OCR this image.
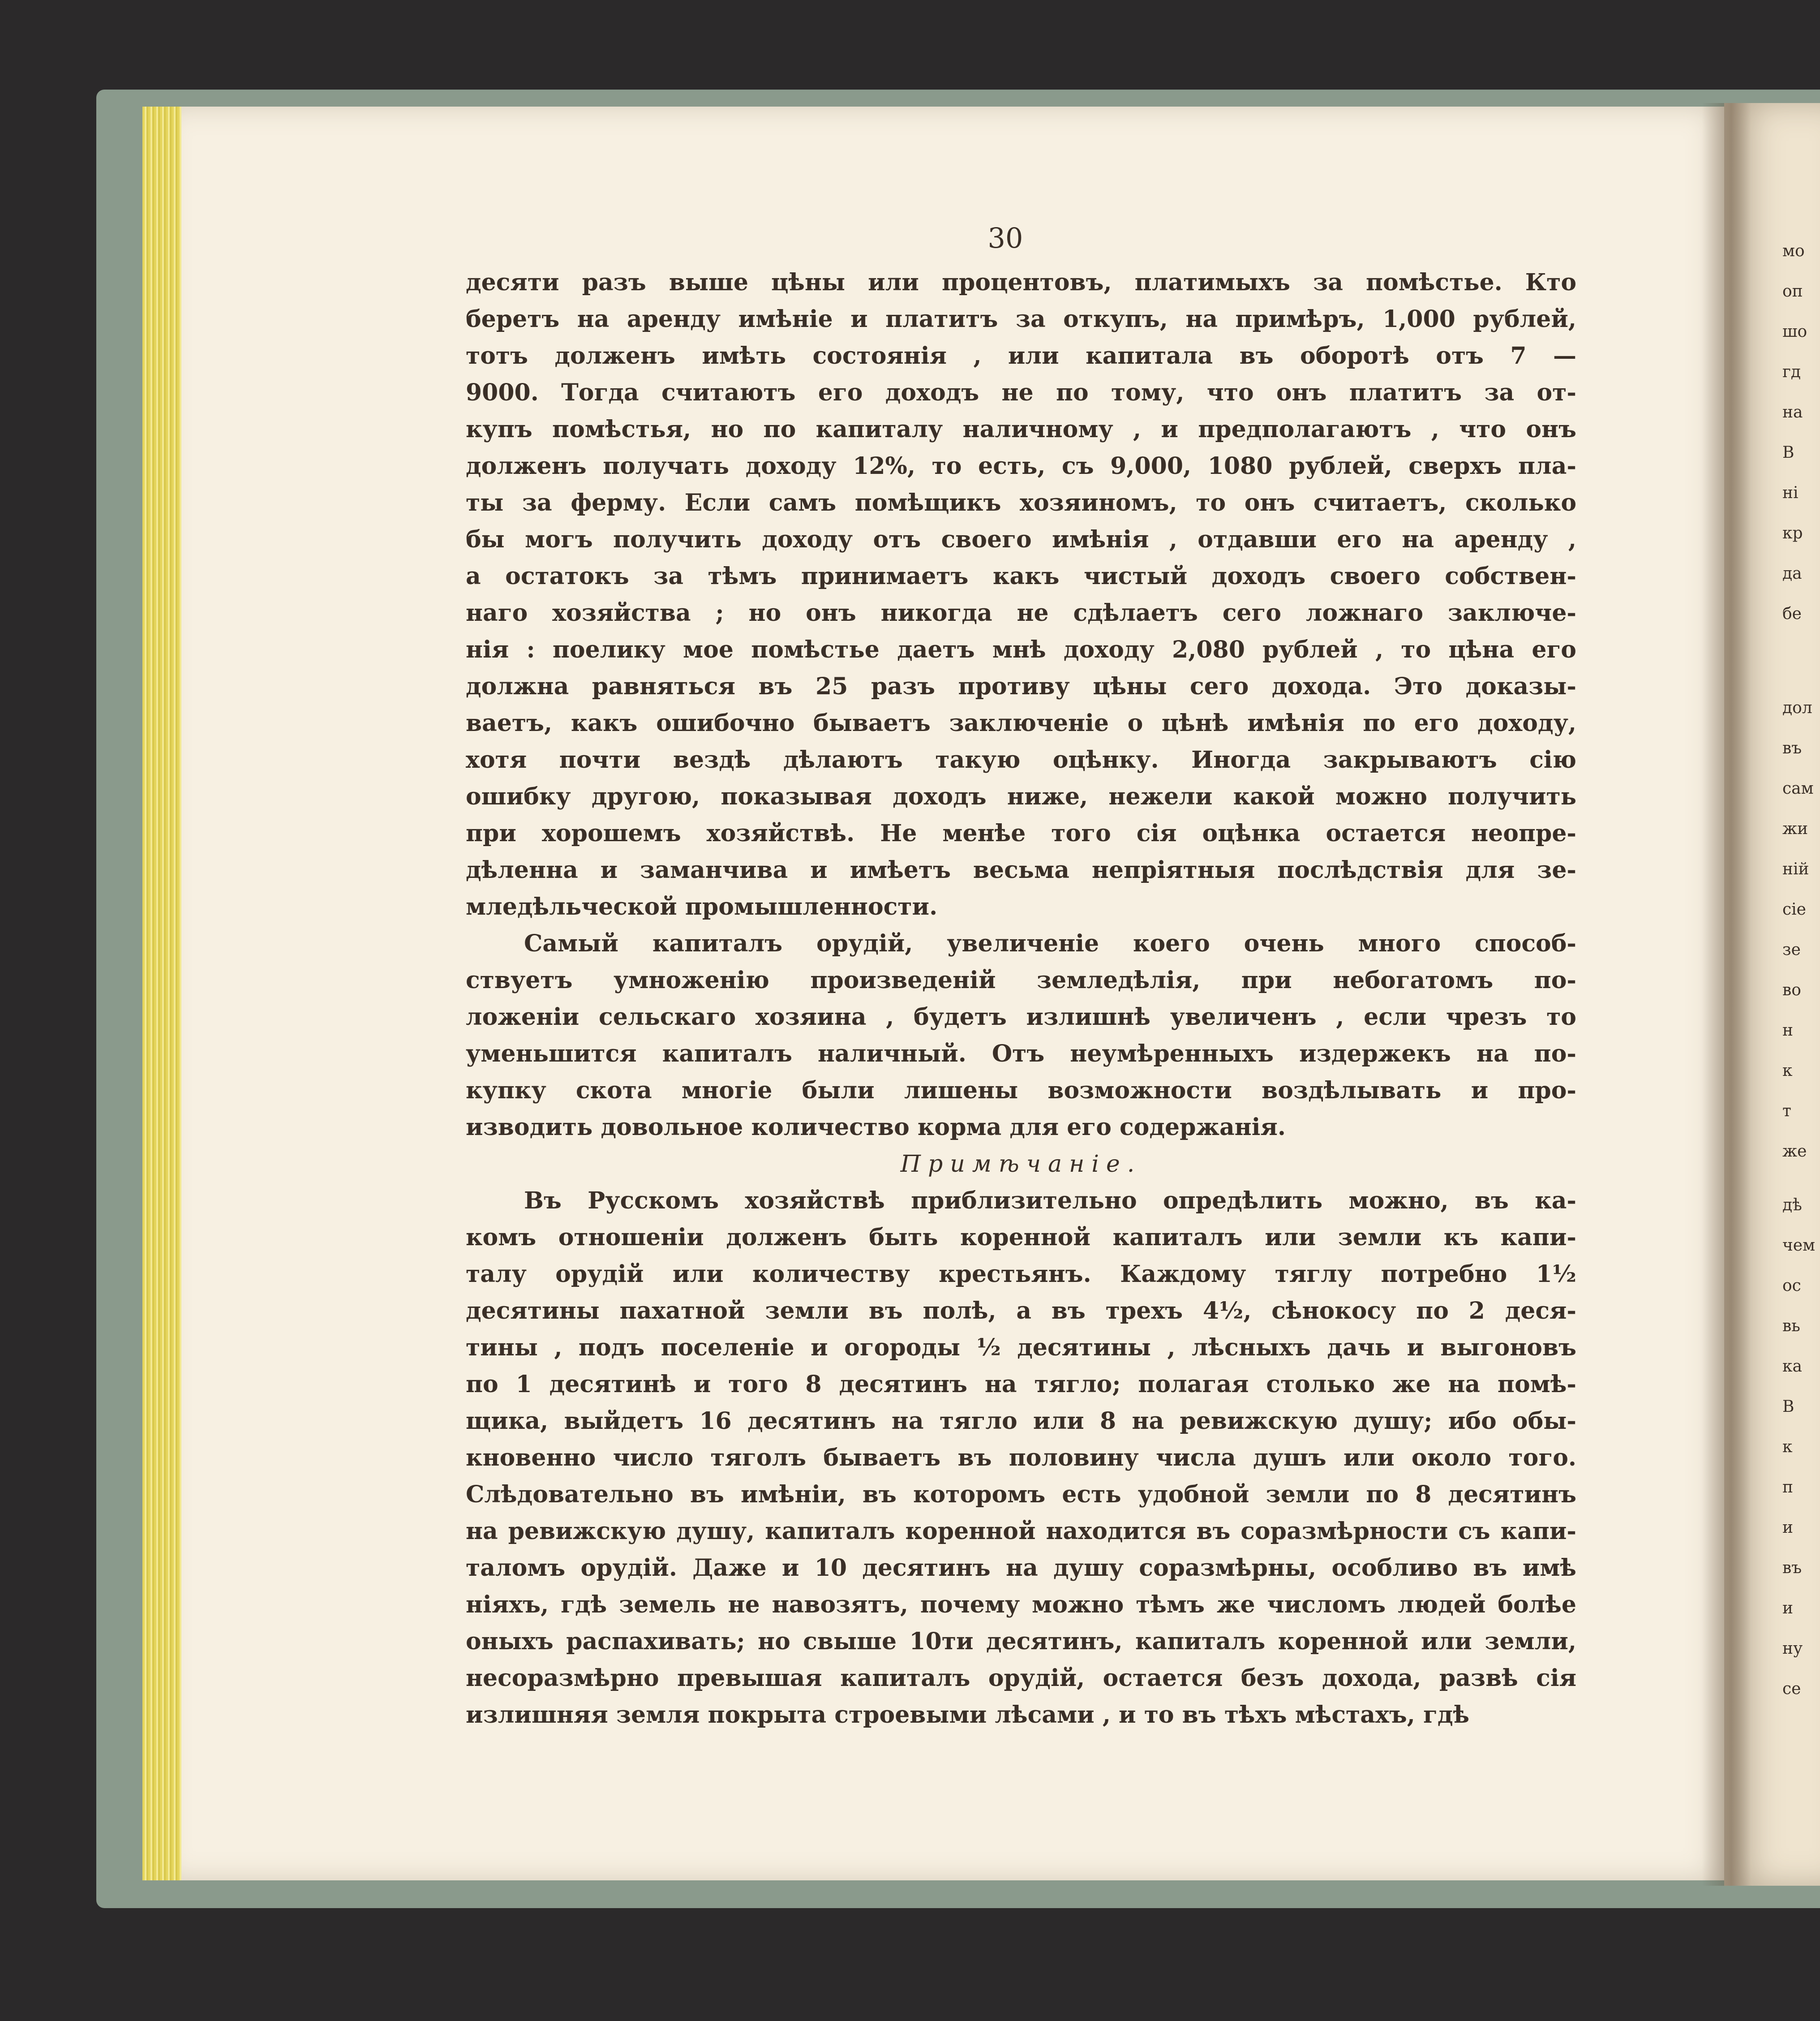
30
десяти разъ выше цѣны или процентовъ, платимыхъ за помѣстье. Кто
беретъ на аренду имѣніе и платитъ за откупъ, на примѣръ, 1,000 рублей,
тотъ долженъ имѣть состоянія , или капитала въ оборотѣ отъ 7 —
9000. Тогда считаютъ его доходъ не по тому, что онъ платитъ за от-
купъ помѣстья, но по капиталу наличному , и предполагаютъ , что онъ
долженъ получать доходу 12%, то есть, съ 9,000, 1080 рублей, сверхъ пла-
ты за ферму. Если самъ помѣщикъ хозяиномъ, то онъ считаетъ, сколько
бы могъ получить доходу отъ своего имѣнія , отдавши его на аренду ,
а остатокъ за тѣмъ принимаетъ какъ чистый доходъ своего собствен-
наго хозяйства ; но онъ никогда не сдѣлаетъ сего ложнаго заключе-
нія : поелику мое помѣстье даетъ мнѣ доходу 2,080 рублей , то цѣна его
должна равняться въ 25 разъ противу цѣны сего дохода. Это доказы-
ваетъ, какъ ошибочно бываетъ заключеніе о цѣнѣ имѣнія по его доходу,
хотя почти вездѣ дѣлаютъ такую оцѣнку. Иногда закрываютъ сію
ошибку другою, показывая доходъ ниже, нежели какой можно получить
при хорошемъ хозяйствѣ. Не менѣе того сія оцѣнка остается неопре-
дѣленна и заманчива и имѣетъ весьма непріятныя послѣдствія для зе-
мледѣльческой промышленности.
Самый капиталъ орудій, увеличеніе коего очень много способ-
ствуетъ умноженію произведеній земледѣлія, при небогатомъ по-
ложеніи сельскаго хозяина , будетъ излишнѣ увеличенъ , если чрезъ то
уменьшится капиталъ наличный. Отъ неумѣренныхъ издержекъ на по-
купку скота многіе были лишены возможности воздѣлывать и про-
изводить довольное количество корма для его содержанія.
Примѣчаніе.
Въ Русскомъ хозяйствѣ приблизительно опредѣлить можно, въ ка-
комъ отношеніи долженъ быть коренной капиталъ или земли къ капи-
талу орудій или количеству крестьянъ. Каждому тяглу потребно 1½
десятины пахатной земли въ полѣ, а въ трехъ 4½, сѣнокосу по 2 деся-
тины , подъ поселеніе и огороды ½ десятины , лѣсныхъ дачь и выгоновъ
по 1 десятинѣ и того 8 десятинъ на тягло; полагая столько же на помѣ-
щика, выйдетъ 16 десятинъ на тягло или 8 на ревижскую душу; ибо обы-
кновенно число тяголъ бываетъ въ половину числа душъ или около того.
Слѣдовательно въ имѣніи, въ которомъ есть удобной земли по 8 десятинъ
на ревижскую душу, капиталъ коренной находится въ соразмѣрности съ капи-
таломъ орудій. Даже и 10 десятинъ на душу соразмѣрны, особливо въ имѣ
ніяхъ, гдѣ земель не навозятъ, почему можно тѣмъ же числомъ людей болѣе
оныхъ распахивать; но свыше 10ти десятинъ, капиталъ коренной или земли,
несоразмѣрно превышая капиталъ орудій, остается безъ дохода, развѣ сія
излишняя земля покрыта строевыми лѣсами , и то въ тѣхъ мѣстахъ, гдѣ
мо
оп
шо
гд
на
В
ні
кр
да
бе
дол
въ
сам
жи
ній
сіе
зе
во
н
к
т
же
дѣ
чем
ос
вь
ка
В
к
п
и
въ
и
ну
се
